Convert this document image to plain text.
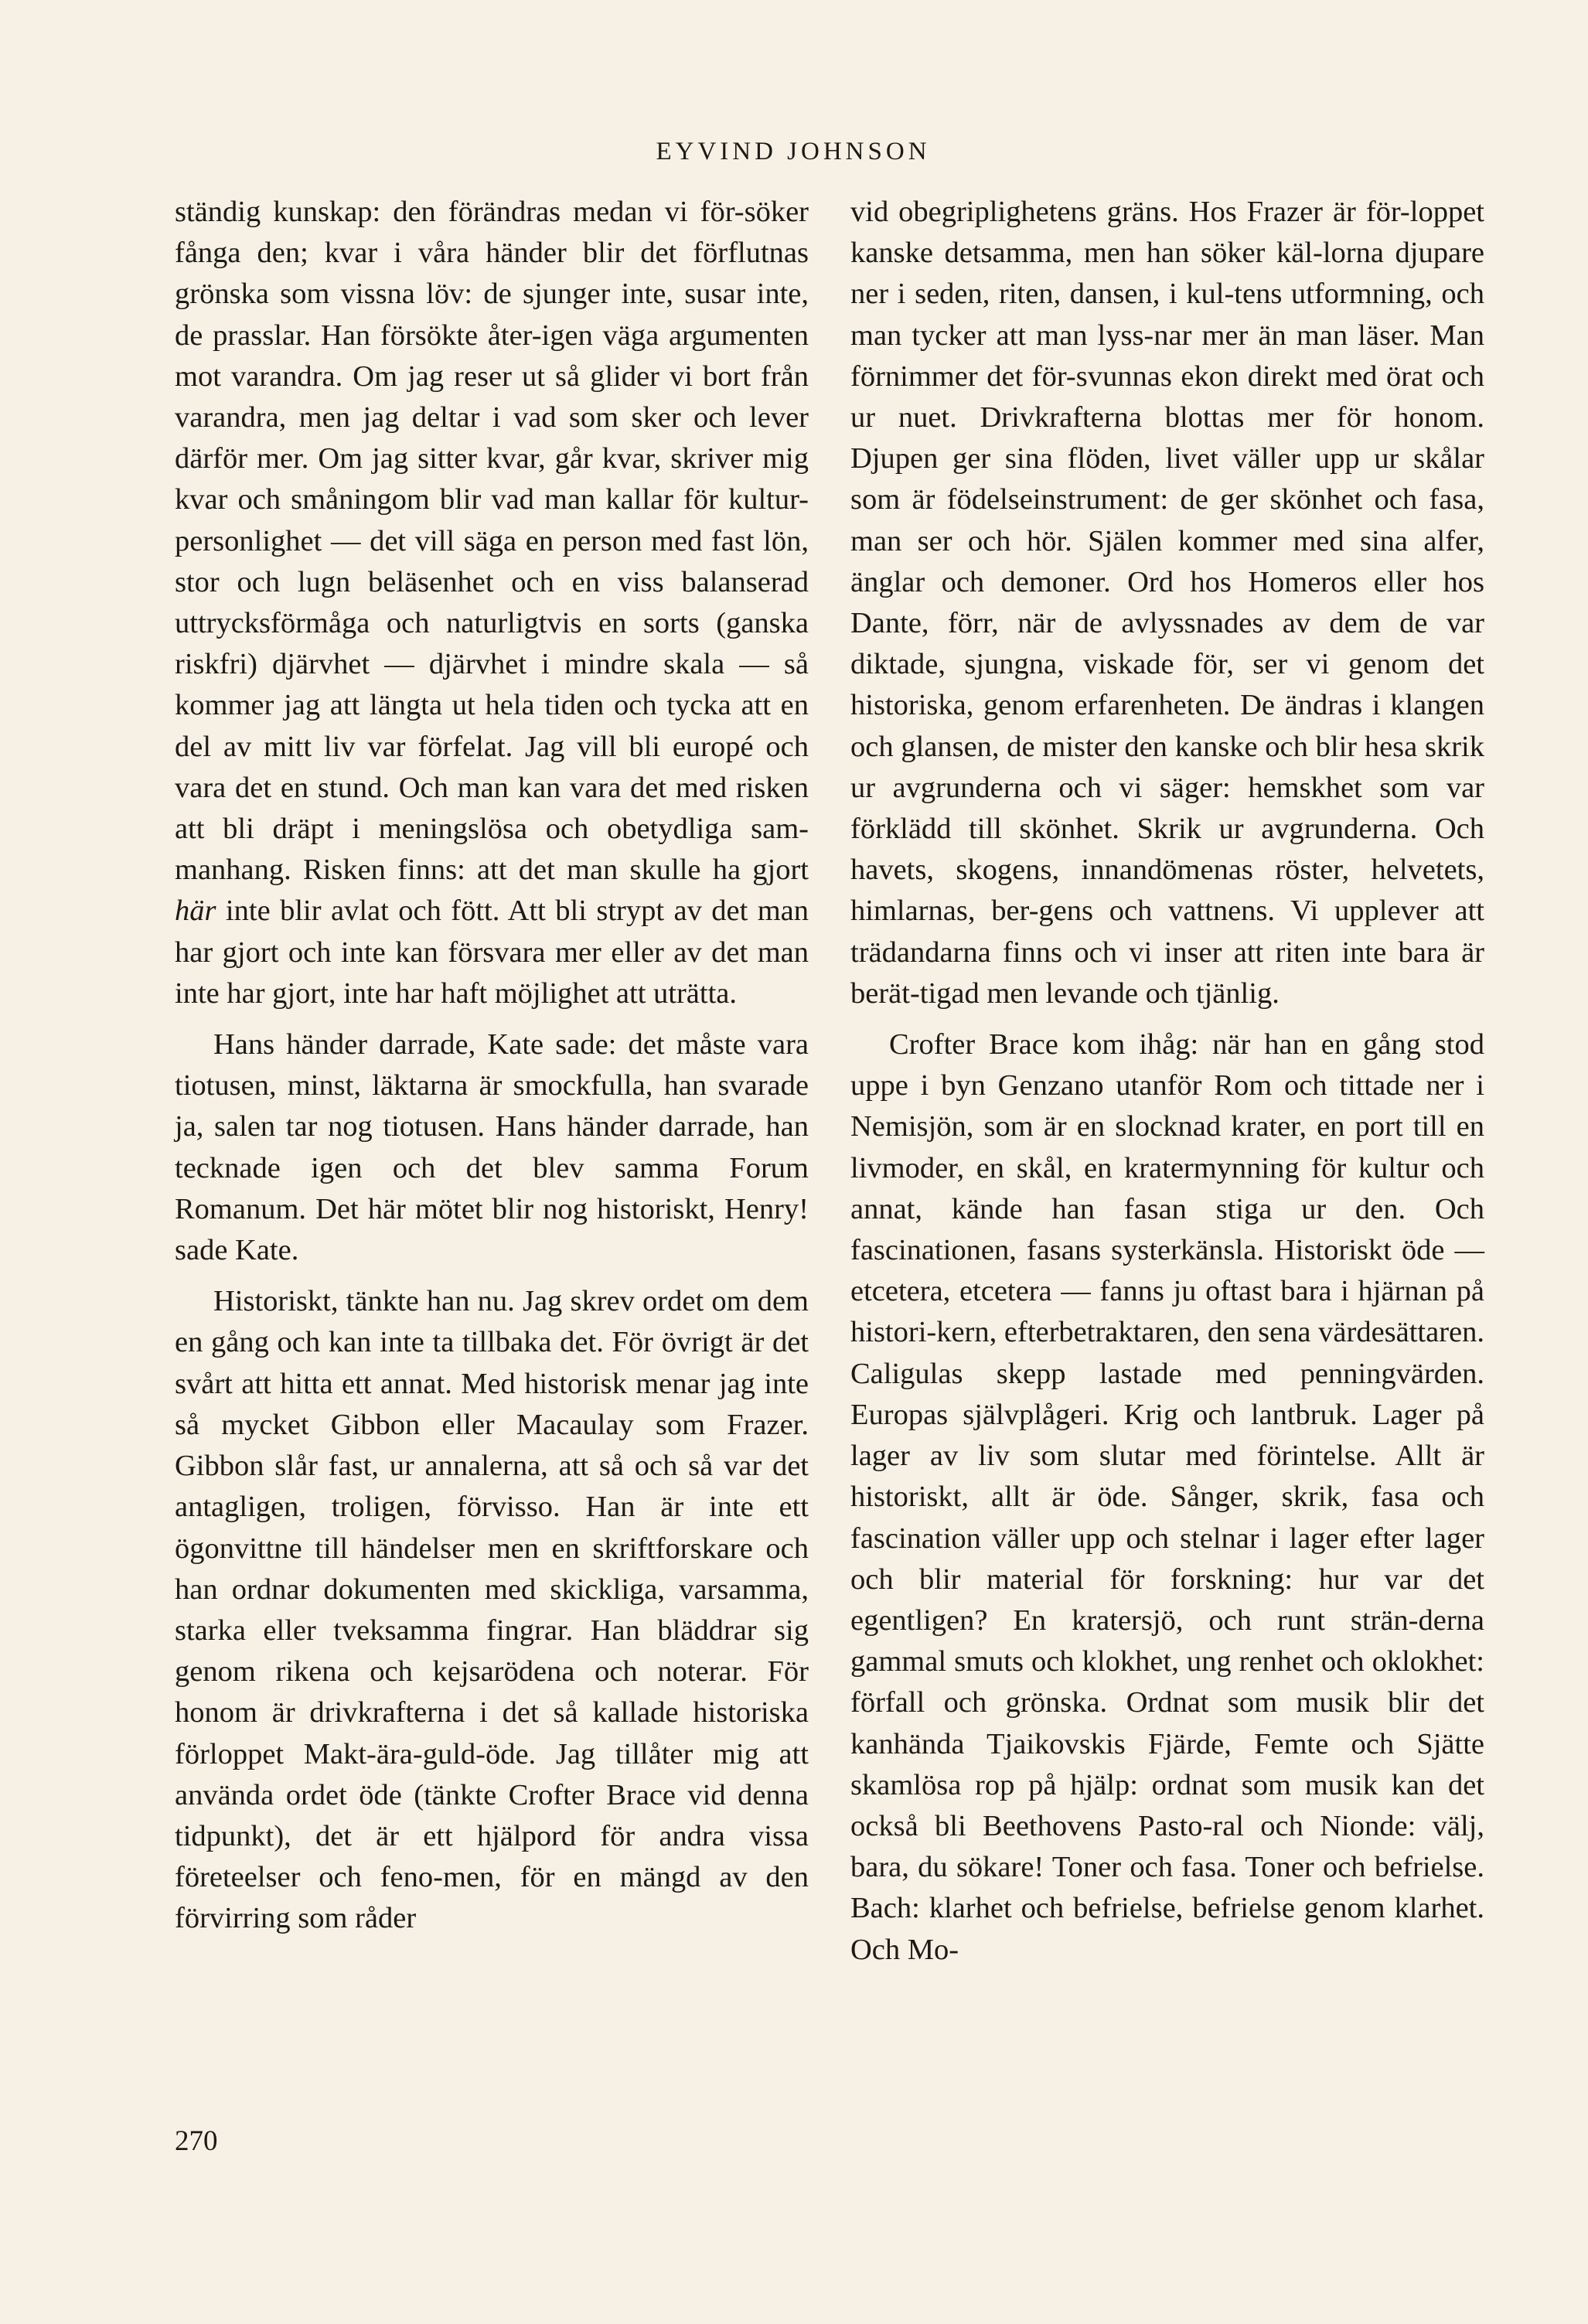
EYVIND JOHNSON

ständig kunskap: den förändras medan vi för-söker fånga den; kvar i våra händer blir det förflutnas grönska som vissna löv: de sjunger inte, susar inte, de prasslar. Han försökte åter-igen väga argumenten mot varandra. Om jag reser ut så glider vi bort från varandra, men jag deltar i vad som sker och lever därför mer. Om jag sitter kvar, går kvar, skriver mig kvar och småningom blir vad man kallar för kultur-personlighet — det vill säga en person med fast lön, stor och lugn beläsenhet och en viss balanserad uttrycksförmåga och naturligtvis en sorts (ganska riskfri) djärvhet — djärvhet i mindre skala — så kommer jag att längta ut hela tiden och tycka att en del av mitt liv var förfelat. Jag vill bli europé och vara det en stund. Och man kan vara det med risken att bli dräpt i meningslösa och obetydliga sam-manhang. Risken finns: att det man skulle ha gjort här inte blir avlat och fött. Att bli strypt av det man har gjort och inte kan försvara mer eller av det man inte har gjort, inte har haft möjlighet att uträtta.

Hans händer darrade, Kate sade: det måste vara tiotusen, minst, läktarna är smockfulla, han svarade ja, salen tar nog tiotusen. Hans händer darrade, han tecknade igen och det blev samma Forum Romanum. Det här mötet blir nog historiskt, Henry! sade Kate.

Historiskt, tänkte han nu. Jag skrev ordet om dem en gång och kan inte ta tillbaka det. För övrigt är det svårt att hitta ett annat. Med historisk menar jag inte så mycket Gibbon eller Macaulay som Frazer. Gibbon slår fast, ur annalerna, att så och så var det antagligen, troligen, förvisso. Han är inte ett ögonvittne till händelser men en skriftforskare och han ordnar dokumenten med skickliga, varsamma, starka eller tveksamma fingrar. Han bläddrar sig genom rikena och kejsarödena och noterar. För honom är drivkrafterna i det så kallade historiska förloppet Makt-ära-guld-öde. Jag tillåter mig att använda ordet öde (tänkte Crofter Brace vid denna tidpunkt), det är ett hjälpord för andra vissa företeelser och feno-men, för en mängd av den förvirring som råder

vid obegriplighetens gräns. Hos Frazer är för-loppet kanske detsamma, men han söker käl-lorna djupare ner i seden, riten, dansen, i kul-tens utformning, och man tycker att man lyss-nar mer än man läser. Man förnimmer det för-svunnas ekon direkt med örat och ur nuet. Drivkrafterna blottas mer för honom. Djupen ger sina flöden, livet väller upp ur skålar som är födelseinstrument: de ger skönhet och fasa, man ser och hör. Själen kommer med sina alfer, änglar och demoner. Ord hos Homeros eller hos Dante, förr, när de avlyssnades av dem de var diktade, sjungna, viskade för, ser vi genom det historiska, genom erfarenheten. De ändras i klangen och glansen, de mister den kanske och blir hesa skrik ur avgrunderna och vi säger: hemskhet som var förklädd till skönhet. Skrik ur avgrunderna. Och havets, skogens, innandömenas röster, helvetets, himlarnas, ber-gens och vattnens. Vi upplever att trädandarna finns och vi inser att riten inte bara är berät-tigad men levande och tjänlig.

Crofter Brace kom ihåg: när han en gång stod uppe i byn Genzano utanför Rom och tittade ner i Nemisjön, som är en slocknad krater, en port till en livmoder, en skål, en kratermynning för kultur och annat, kände han fasan stiga ur den. Och fascinationen, fasans systerkänsla. Historiskt öde — etcetera, etcetera — fanns ju oftast bara i hjärnan på histori-kern, efterbetraktaren, den sena värdesättaren. Caligulas skepp lastade med penningvärden. Europas självplågeri. Krig och lantbruk. Lager på lager av liv som slutar med förintelse. Allt är historiskt, allt är öde. Sånger, skrik, fasa och fascination väller upp och stelnar i lager efter lager och blir material för forskning: hur var det egentligen? En kratersjö, och runt strän-derna gammal smuts och klokhet, ung renhet och oklokhet: förfall och grönska. Ordnat som musik blir det kanhända Tjaikovskis Fjärde, Femte och Sjätte skamlösa rop på hjälp: ordnat som musik kan det också bli Beethovens Pasto-ral och Nionde: välj, bara, du sökare! Toner och fasa. Toner och befrielse. Bach: klarhet och befrielse, befrielse genom klarhet. Och Mo-

270
